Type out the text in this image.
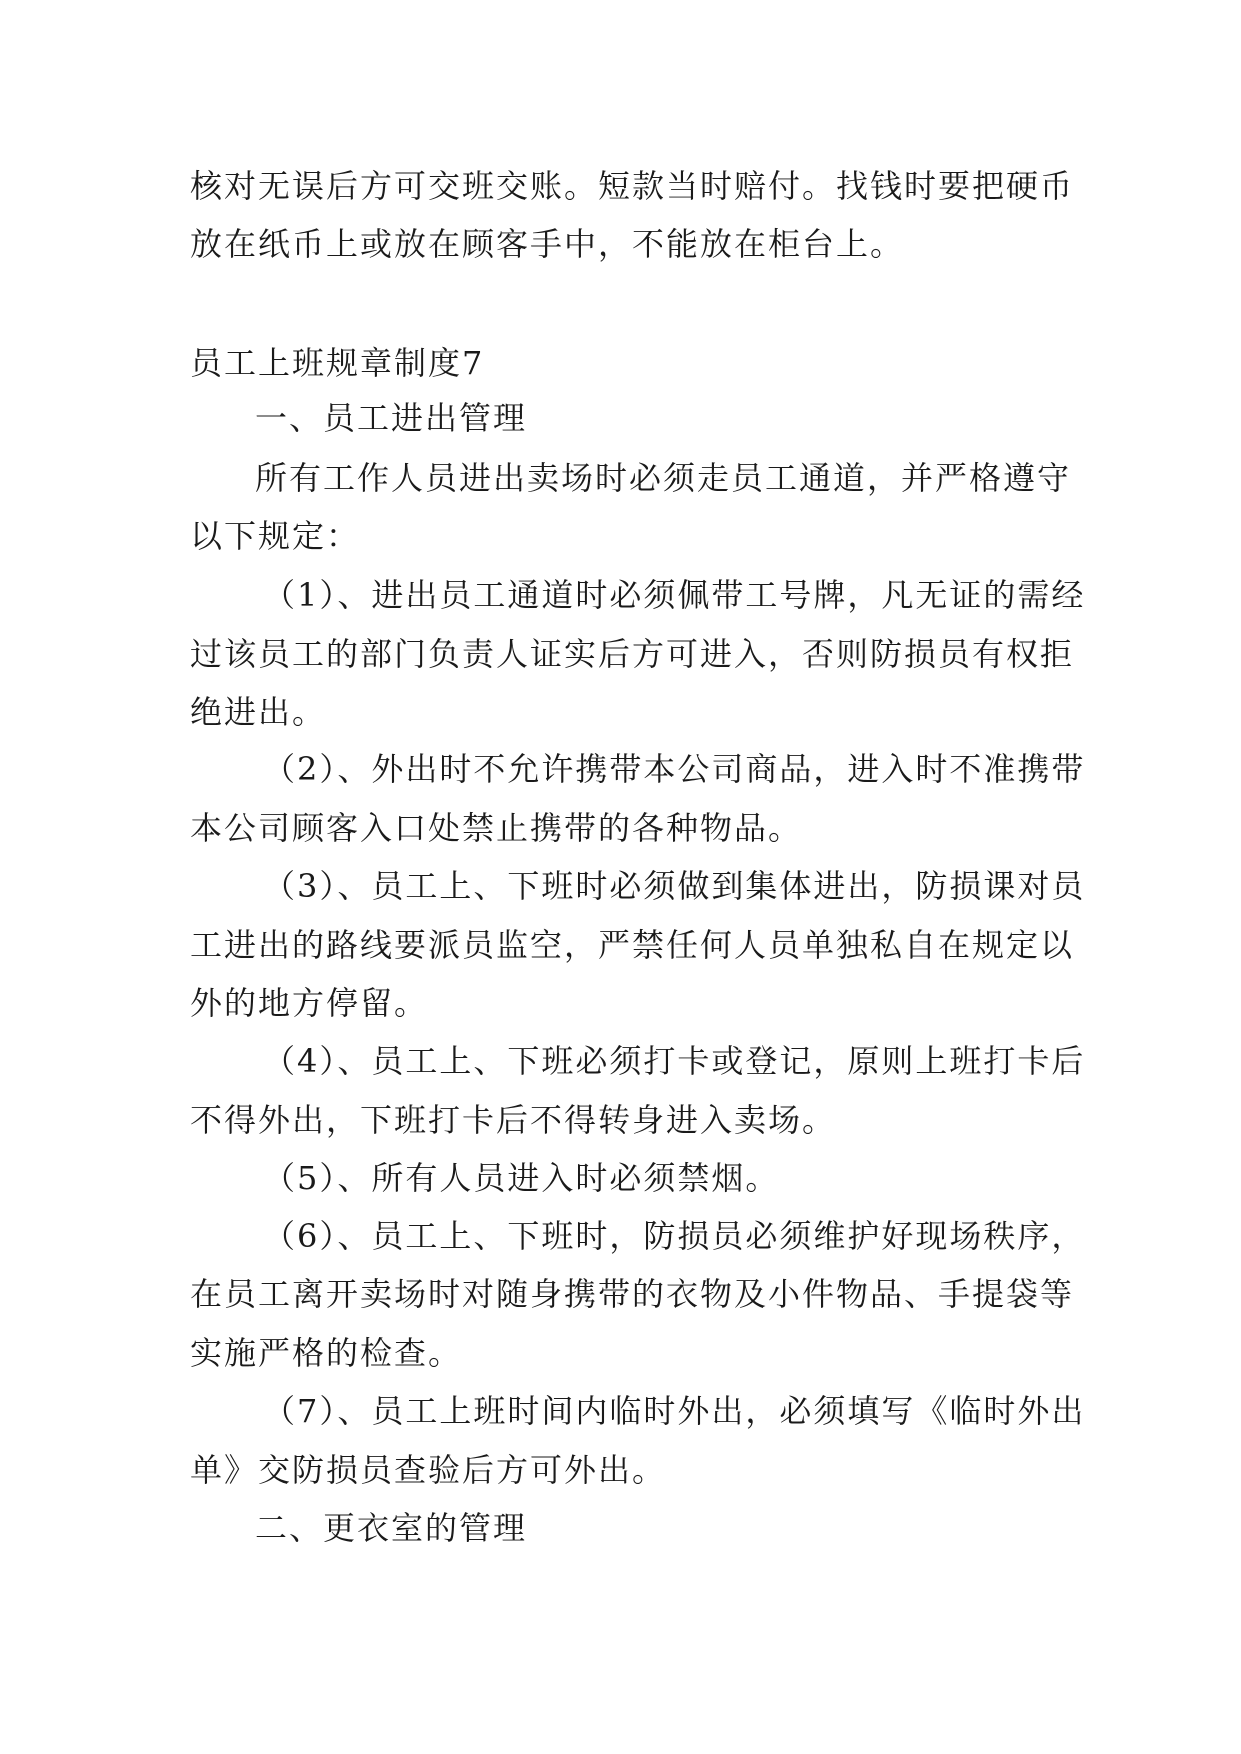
核对无误后方可交班交账。短款当时赔付。找钱时要把硬币
放在纸币上或放在顾客手中，不能放在柜台上。
员工上班规章制度7
一、员工进出管理
所有工作人员进出卖场时必须走员工通道，并严格遵守
以下规定：
（1）、进出员工通道时必须佩带工号牌，凡无证的需经
过该员工的部门负责人证实后方可进入，否则防损员有权拒
绝进出。
（2）、外出时不允许携带本公司商品，进入时不准携带
本公司顾客入口处禁止携带的各种物品。
（3）、员工上、下班时必须做到集体进出，防损课对员
工进出的路线要派员监空，严禁任何人员单独私自在规定以
外的地方停留。
（4）、员工上、下班必须打卡或登记，原则上班打卡后
不得外出，下班打卡后不得转身进入卖场。
（5）、所有人员进入时必须禁烟。
（6）、员工上、下班时，防损员必须维护好现场秩序，
在员工离开卖场时对随身携带的衣物及小件物品、手提袋等
实施严格的检查。
（7）、员工上班时间内临时外出，必须填写《临时外出
单》交防损员查验后方可外出。
二、更衣室的管理
